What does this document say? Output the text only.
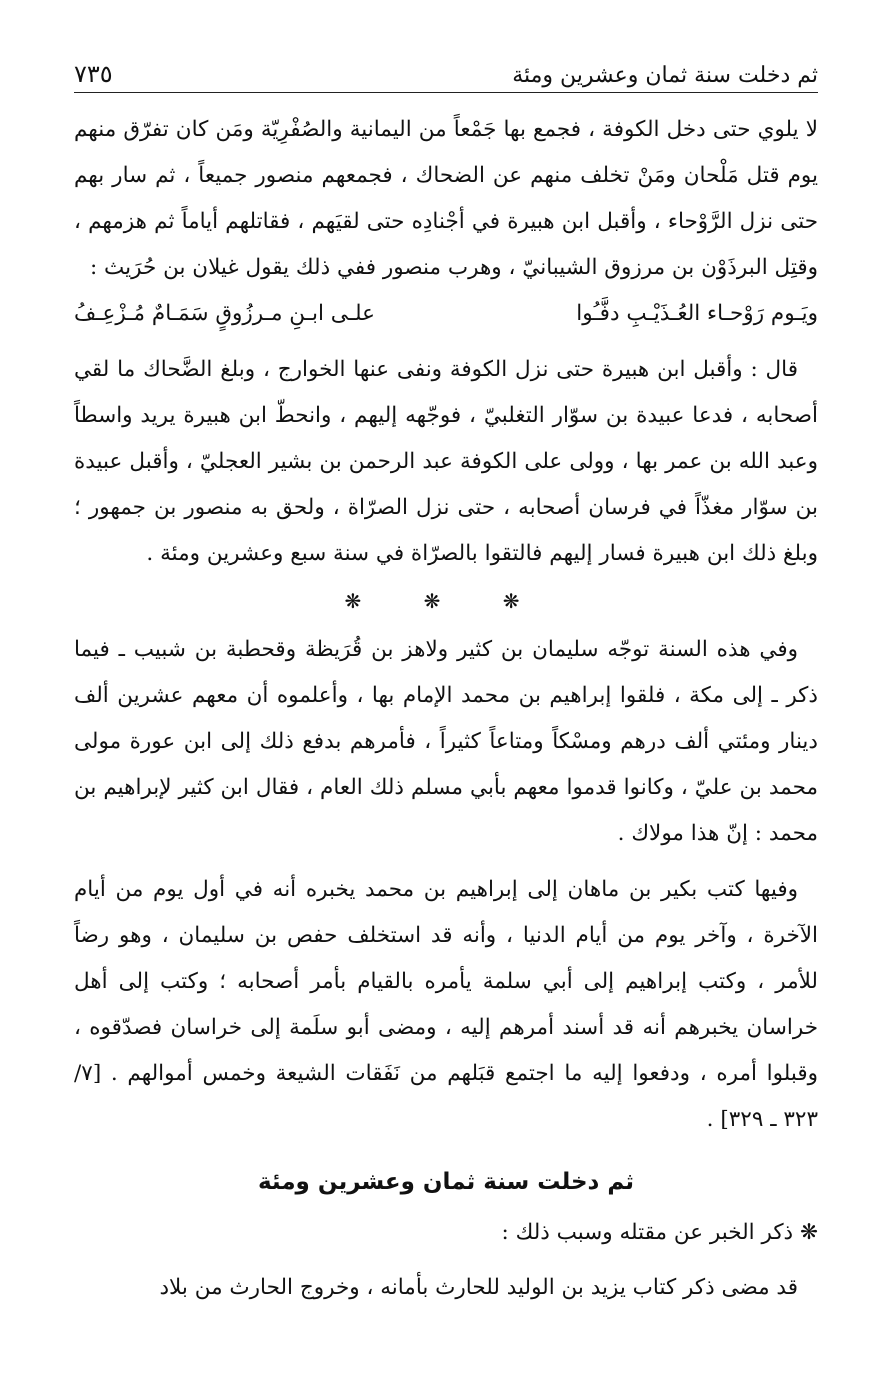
ثم دخلت سنة ثمان وعشرين ومئة
٧٣٥

لا يلوي حتى دخل الكوفة ، فجمع بها جَمْعاً من اليمانية والصُفْرِيّة ومَن كان تفرّق منهم يوم قتل مَلْحان ومَنْ تخلف منهم عن الضحاك ، فجمعهم منصور جميعاً ، ثم سار بهم حتى نزل الرَّوْحاء ، وأقبل ابن هبيرة في أجْنادِه حتى لقيَهم ، فقاتلهم أياماً ثم هزمهم ، وقتِل البرذَوْن بن مرزوق الشيبانيّ ، وهرب منصور ففي ذلك يقول غيلان بن حُرَيث :

ويَـوم رَوْحـاء العُـذَيْـبِ دفَّـُوا
علـى ابـنِ مـرزُوقٍ سَمَـامٌ مُـزْعِـفُ

قال : وأقبل ابن هبيرة حتى نزل الكوفة ونفى عنها الخوارج ، وبلغ الضَّحاك ما لقي أصحابه ، فدعا عبيدة بن سوّار التغلبيّ ، فوجّهه إليهم ، وانحطّ ابن هبيرة يريد واسطاً وعبد الله بن عمر بها ، وولى على الكوفة عبد الرحمن بن بشير العجليّ ، وأقبل عبيدة بن سوّار مغذّاً في فرسان أصحابه ، حتى نزل الصرّاة ، ولحق به منصور بن جمهور ؛ وبلغ ذلك ابن هبيرة فسار إليهم فالتقوا بالصرّاة في سنة سبع وعشرين ومئة .

❋ ❋ ❋

وفي هذه السنة توجّه سليمان بن كثير ولاهز بن قُرَيظة وقحطبة بن شبيب ـ فيما ذكر ـ إلى مكة ، فلقوا إبراهيم بن محمد الإمام بها ، وأعلموه أن معهم عشرين ألف دينار ومئتي ألف درهم ومسْكاً ومتاعاً كثيراً ، فأمرهم بدفع ذلك إلى ابن عورة مولى محمد بن عليّ ، وكانوا قدموا معهم بأبي مسلم ذلك العام ، فقال ابن كثير لإبراهيم بن محمد : إنّ هذا مولاك .

وفيها كتب بكير بن ماهان إلى إبراهيم بن محمد يخبره أنه في أول يوم من أيام الآخرة ، وآخر يوم من أيام الدنيا ، وأنه قد استخلف حفص بن سليمان ، وهو رضاً للأمر ، وكتب إبراهيم إلى أبي سلمة يأمره بالقيام بأمر أصحابه ؛ وكتب إلى أهل خراسان يخبرهم أنه قد أسند أمرهم إليه ، ومضى أبو سلَمة إلى خراسان فصدّقوه ، وقبلوا أمره ، ودفعوا إليه ما اجتمع قبَلهم من نَفَقات الشيعة وخمس أموالهم . [٧/ ٣٢٣ ـ ٣٢٩] .

ثم دخلت سنة ثمان وعشرين ومئة
❋ ذكر الخبر عن مقتله وسبب ذلك :

قد مضى ذكر كتاب يزيد بن الوليد للحارث بأمانه ، وخروج الحارث من بلاد
